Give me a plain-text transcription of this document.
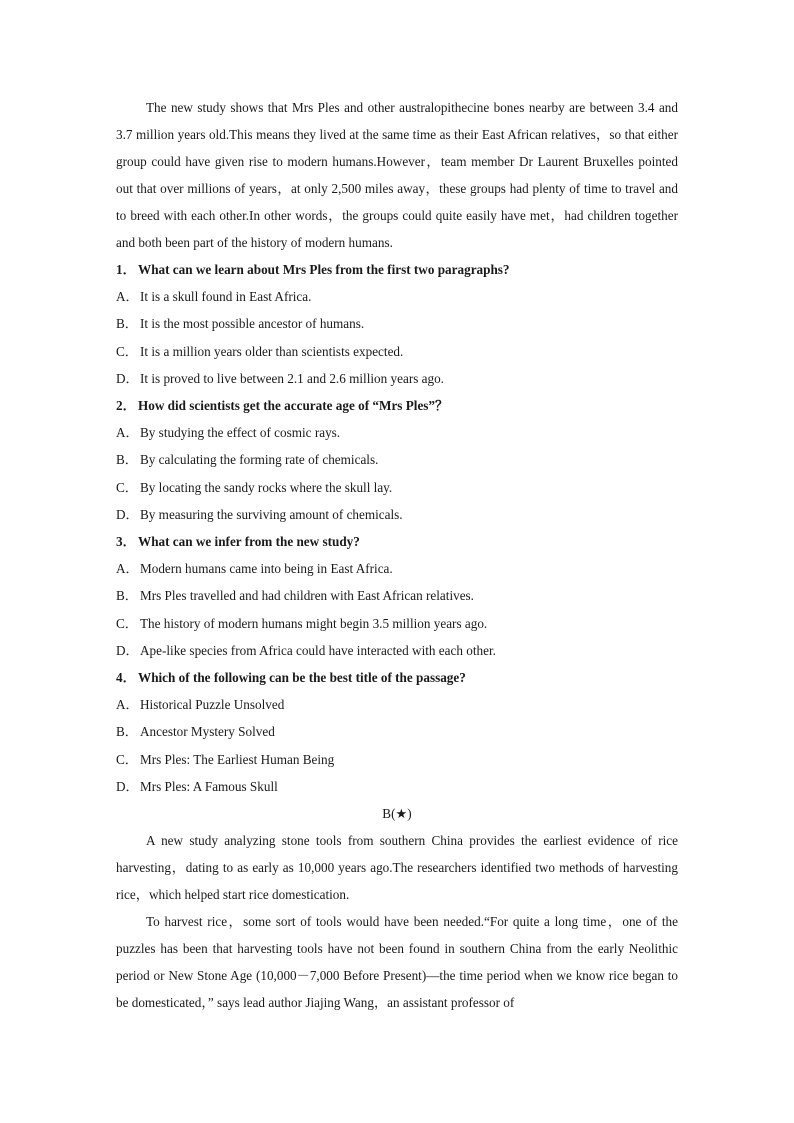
The new study shows that Mrs Ples and other australopithecine bones nearby are between 3.4 and 3.7 million years old.This means they lived at the same time as their East African relatives，so that either group could have given rise to modern humans.However，team member Dr Laurent Bruxelles pointed out that over millions of years，at only 2,500 miles away，these groups had plenty of time to travel and to breed with each other.In other words，the groups could quite easily have met，had children together and both been part of the history of modern humans.

1． What can we learn about Mrs Ples from the first two paragraphs?

A．It is a skull found in East Africa.

B． It is the most possible ancestor of humans.

C． It is a million years older than scientists expected.

D．It is proved to live between 2.1 and 2.6 million years ago.

2． How did scientists get the accurate age of “Mrs Ples”？

A．By studying the effect of cosmic rays.

B． By calculating the forming rate of chemicals.

C． By locating the sandy rocks where the skull lay.

D．By measuring the surviving amount of chemicals.

3． What can we infer from the new study?

A．Modern humans came into being in East Africa.

B． Mrs Ples travelled and had children with East African relatives.

C． The history of modern humans might begin 3.5 million years ago.

D．Ape-like species from Africa could have interacted with each other.

4． Which of the following can be the best title of the passage?

A．Historical Puzzle Unsolved

B． Ancestor Mystery Solved

C． Mrs Ples: The Earliest Human Being

D．Mrs Ples: A Famous Skull

B(★)

A new study analyzing stone tools from southern China provides the earliest evidence of rice harvesting，dating to as early as 10,000 years ago.The researchers identified two methods of harvesting rice，which helped start rice domestication.

To harvest rice，some sort of tools would have been needed.“For quite a long time，one of the puzzles has been that harvesting tools have not been found in southern China from the early Neolithic period or New Stone Age (10,000－7,000 Before Present)—the time period when we know rice began to be domesticated，” says lead author Jiajing Wang，an assistant professor of
